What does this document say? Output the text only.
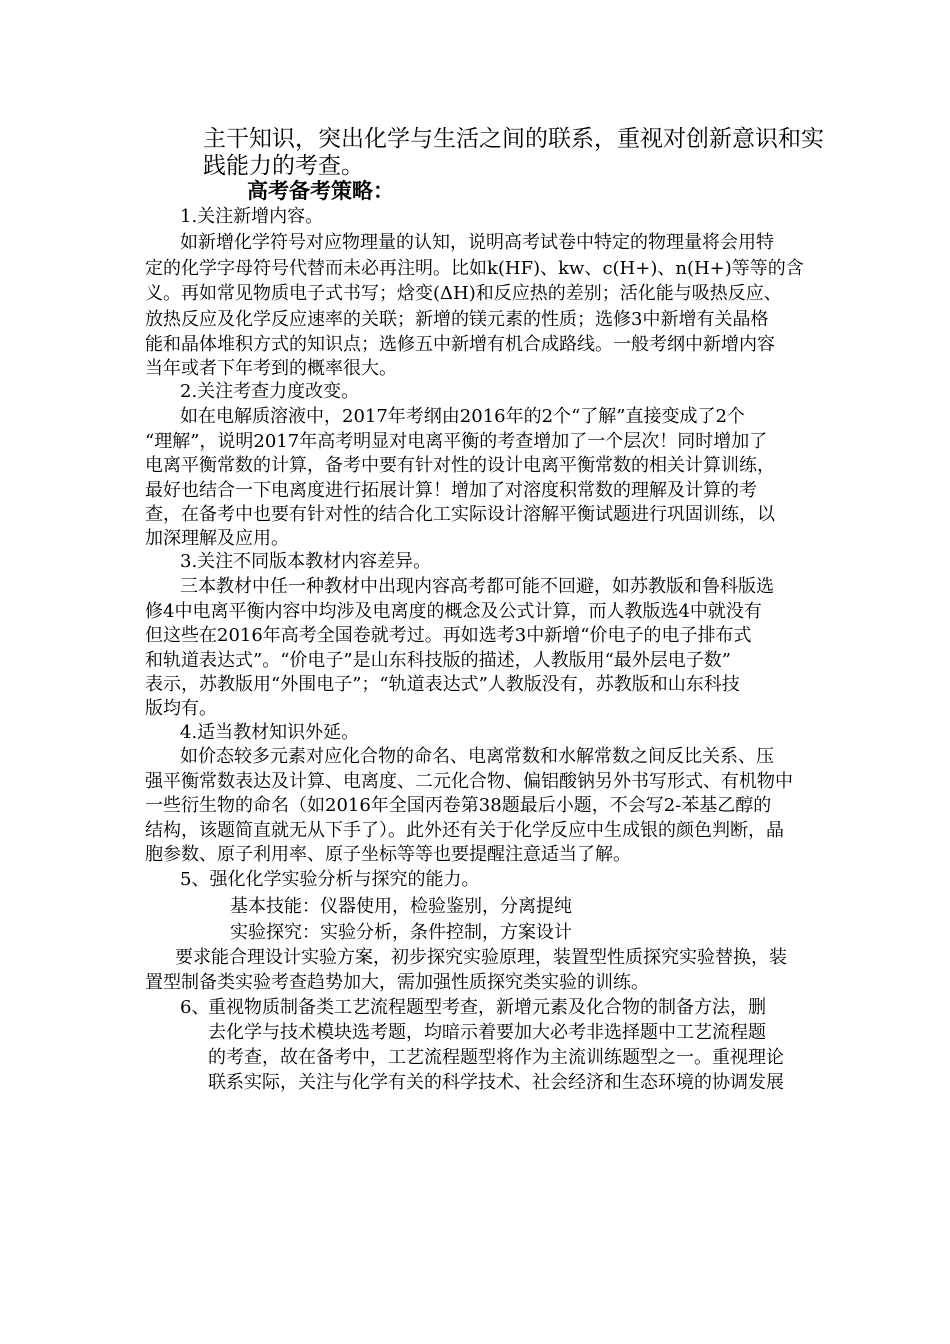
主干知识，突出化学与生活之间的联系，重视对创新意识和实
践能力的考查。
高考备考策略：
1.关注新增内容。
如新增化学符号对应物理量的认知，说明高考试卷中特定的物理量将会用特
定的化学字母符号代替而未必再注明。比如k(HF)、kw、c(H+)、n(H+)等等的含
义。再如常见物质电子式书写；焓变(ΔH)和反应热的差别；活化能与吸热反应、
放热反应及化学反应速率的关联；新增的镁元素的性质；选修3中新增有关晶格
能和晶体堆积方式的知识点；选修五中新增有机合成路线。一般考纲中新增内容
当年或者下年考到的概率很大。
2.关注考查力度改变。
如在电解质溶液中，2017年考纲由2016年的2个“了解”直接变成了2个
“理解”，说明2017年高考明显对电离平衡的考查增加了一个层次！同时增加了
电离平衡常数的计算，备考中要有针对性的设计电离平衡常数的相关计算训练，
最好也结合一下电离度进行拓展计算！增加了对溶度积常数的理解及计算的考
查，在备考中也要有针对性的结合化工实际设计溶解平衡试题进行巩固训练，以
加深理解及应用。
3.关注不同版本教材内容差异。
三本教材中任一种教材中出现内容高考都可能不回避，如苏教版和鲁科版选
修4中电离平衡内容中均涉及电离度的概念及公式计算，而人教版选4中就没有
但这些在2016年高考全国卷就考过。再如选考3中新增“价电子的电子排布式
和轨道表达式”。“价电子”是山东科技版的描述，人教版用“最外层电子数”
表示，苏教版用“外围电子”；“轨道表达式”人教版没有，苏教版和山东科技
版均有。
4.适当教材知识外延。
如价态较多元素对应化合物的命名、电离常数和水解常数之间反比关系、压
强平衡常数表达及计算、电离度、二元化合物、偏铝酸钠另外书写形式、有机物中
一些衍生物的命名（如2016年全国丙卷第38题最后小题，不会写2-苯基乙醇的
结构，该题简直就无从下手了）。此外还有关于化学反应中生成银的颜色判断，晶
胞参数、原子利用率、原子坐标等等也要提醒注意适当了解。
5、强化化学实验分析与探究的能力。
基本技能：仪器使用，检验鉴别，分离提纯
实验探究：实验分析，条件控制，方案设计
要求能合理设计实验方案，初步探究实验原理，装置型性质探究实验替换，装
置型制备类实验考查趋势加大，需加强性质探究类实验的训练。
6、
重视物质制备类工艺流程题型考查，新增元素及化合物的制备方法，删
去化学与技术模块选考题，均暗示着要加大必考非选择题中工艺流程题
的考查，故在备考中，工艺流程题型将作为主流训练题型之一。重视理论
联系实际，关注与化学有关的科学技术、社会经济和生态环境的协调发展
